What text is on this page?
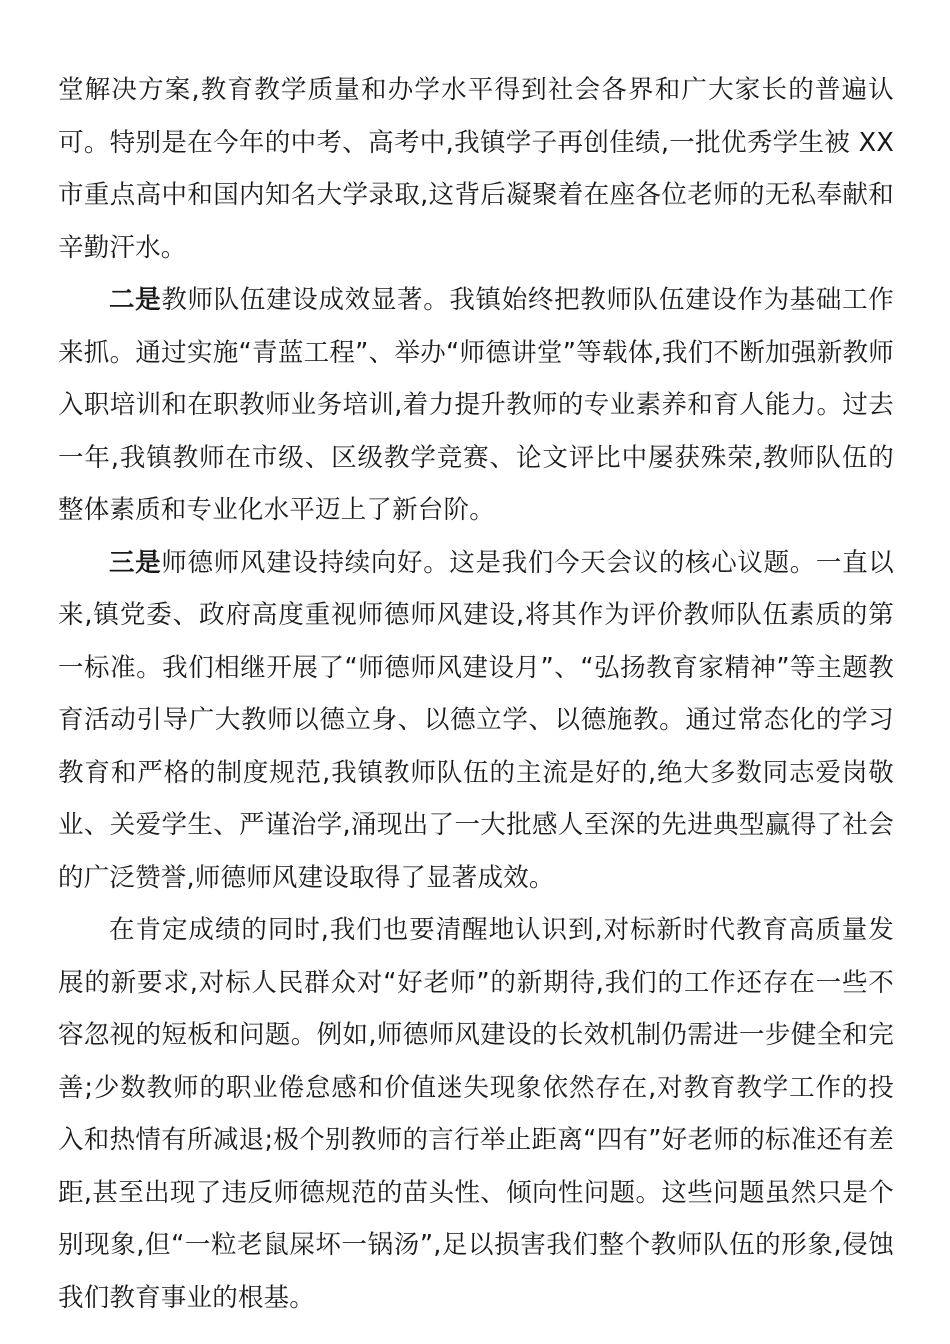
堂解决方案,教育教学质量和办学水平得到社会各界和广大家长的普遍认可。特别是在今年的中考、高考中,我镇学子再创佳绩,一批优秀学生被 XX 市重点高中和国内知名大学录取,这背后凝聚着在座各位老师的无私奉献和辛勤汗水。

二是教师队伍建设成效显著。我镇始终把教师队伍建设作为基础工作来抓。通过实施“青蓝工程”、举办“师德讲堂”等载体,我们不断加强新教师入职培训和在职教师业务培训,着力提升教师的专业素养和育人能力。过去一年,我镇教师在市级、区级教学竞赛、论文评比中屡获殊荣,教师队伍的整体素质和专业化水平迈上了新台阶。

三是师德师风建设持续向好。这是我们今天会议的核心议题。一直以来,镇党委、政府高度重视师德师风建设,将其作为评价教师队伍素质的第一标准。我们相继开展了“师德师风建设月”、“弘扬教育家精神”等主题教育活动引导广大教师以德立身、以德立学、以德施教。通过常态化的学习教育和严格的制度规范,我镇教师队伍的主流是好的,绝大多数同志爱岗敬业、关爱学生、严谨治学,涌现出了一大批感人至深的先进典型赢得了社会的广泛赞誉,师德师风建设取得了显著成效。

在肯定成绩的同时,我们也要清醒地认识到,对标新时代教育高质量发展的新要求,对标人民群众对“好老师”的新期待,我们的工作还存在一些不容忽视的短板和问题。例如,师德师风建设的长效机制仍需进一步健全和完善;少数教师的职业倦怠感和价值迷失现象依然存在,对教育教学工作的投入和热情有所减退;极个别教师的言行举止距离“四有”好老师的标准还有差距,甚至出现了违反师德规范的苗头性、倾向性问题。这些问题虽然只是个别现象,但“一粒老鼠屎坏一锅汤”,足以损害我们整个教师队伍的形象,侵蚀我们教育事业的根基。
